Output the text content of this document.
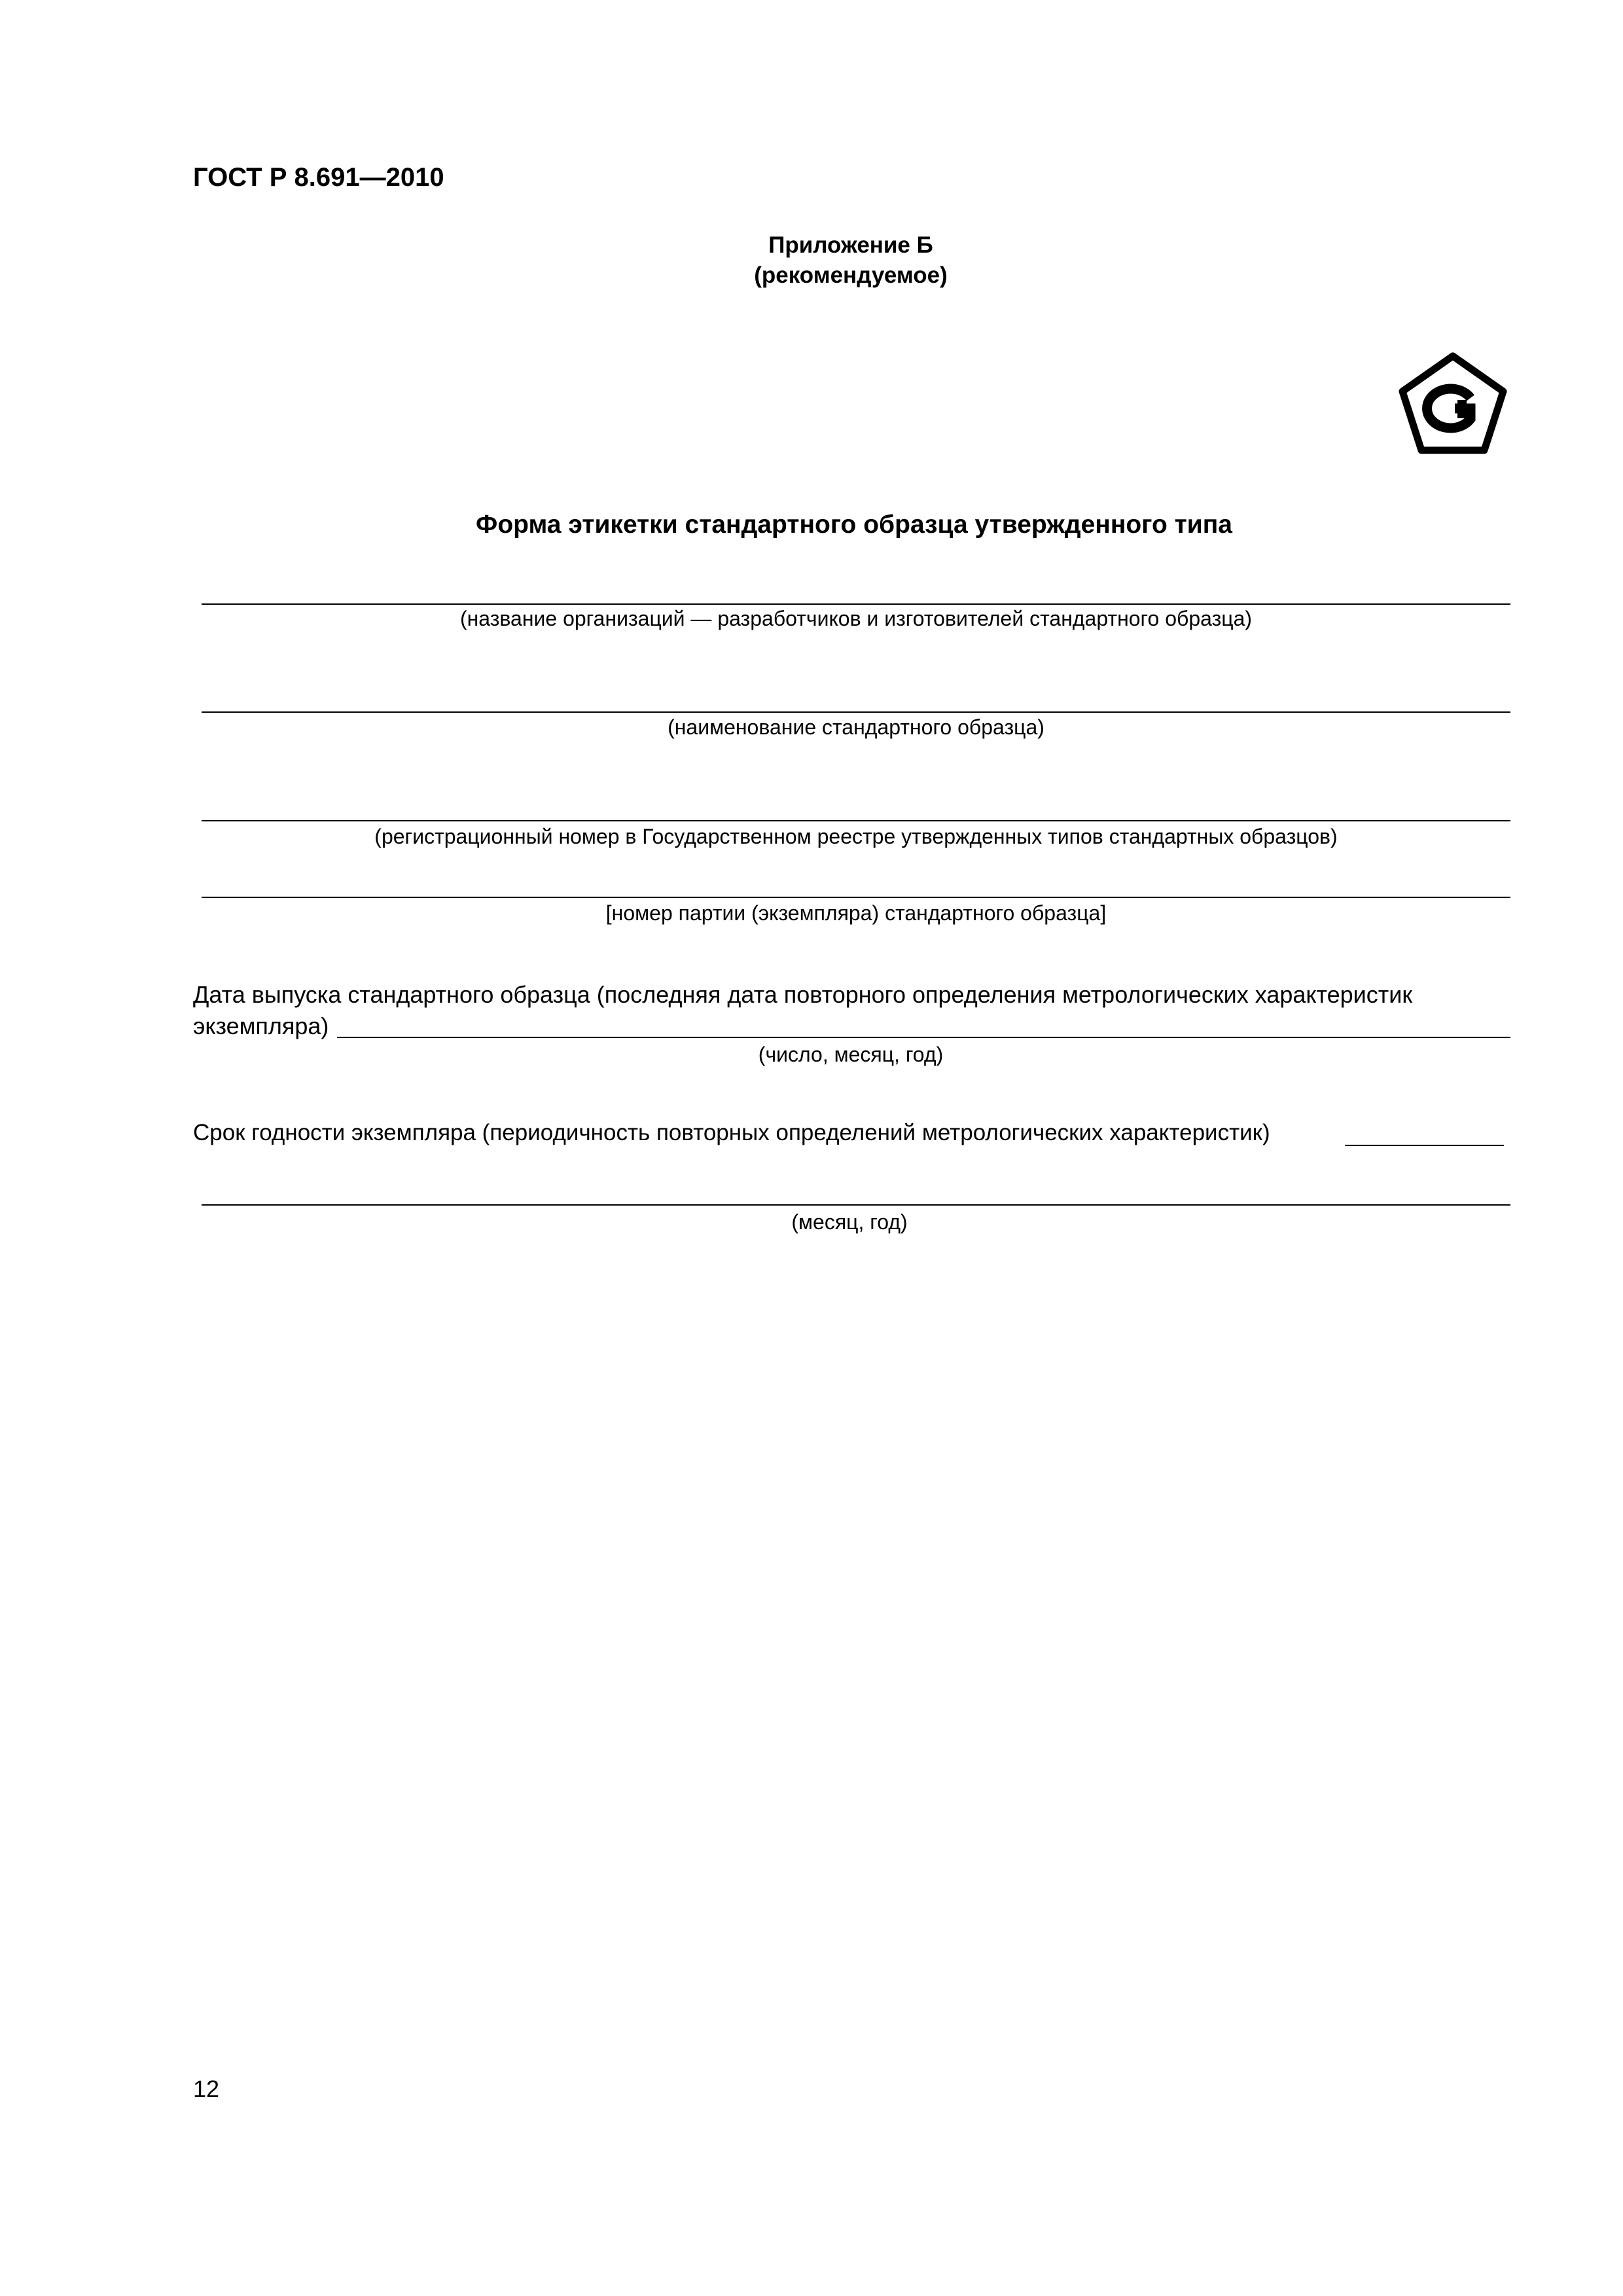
ГОСТ Р 8.691—2010
Приложение Б
(рекомендуемое)
Форма этикетки стандартного образца утвержденного типа
(название организаций — разработчиков и изготовителей стандартного образца)
(наименование стандартного образца)
(регистрационный номер в Государственном реестре утвержденных типов стандартных образцов)
[номер партии (экземпляра) стандартного образца]
Дата выпуска стандартного образца (последняя дата повторного определения метрологических характеристик
экземпляра)
(число, месяц, год)
Срок годности экземпляра (периодичность повторных определений метрологических характеристик)
(месяц, год)
12
